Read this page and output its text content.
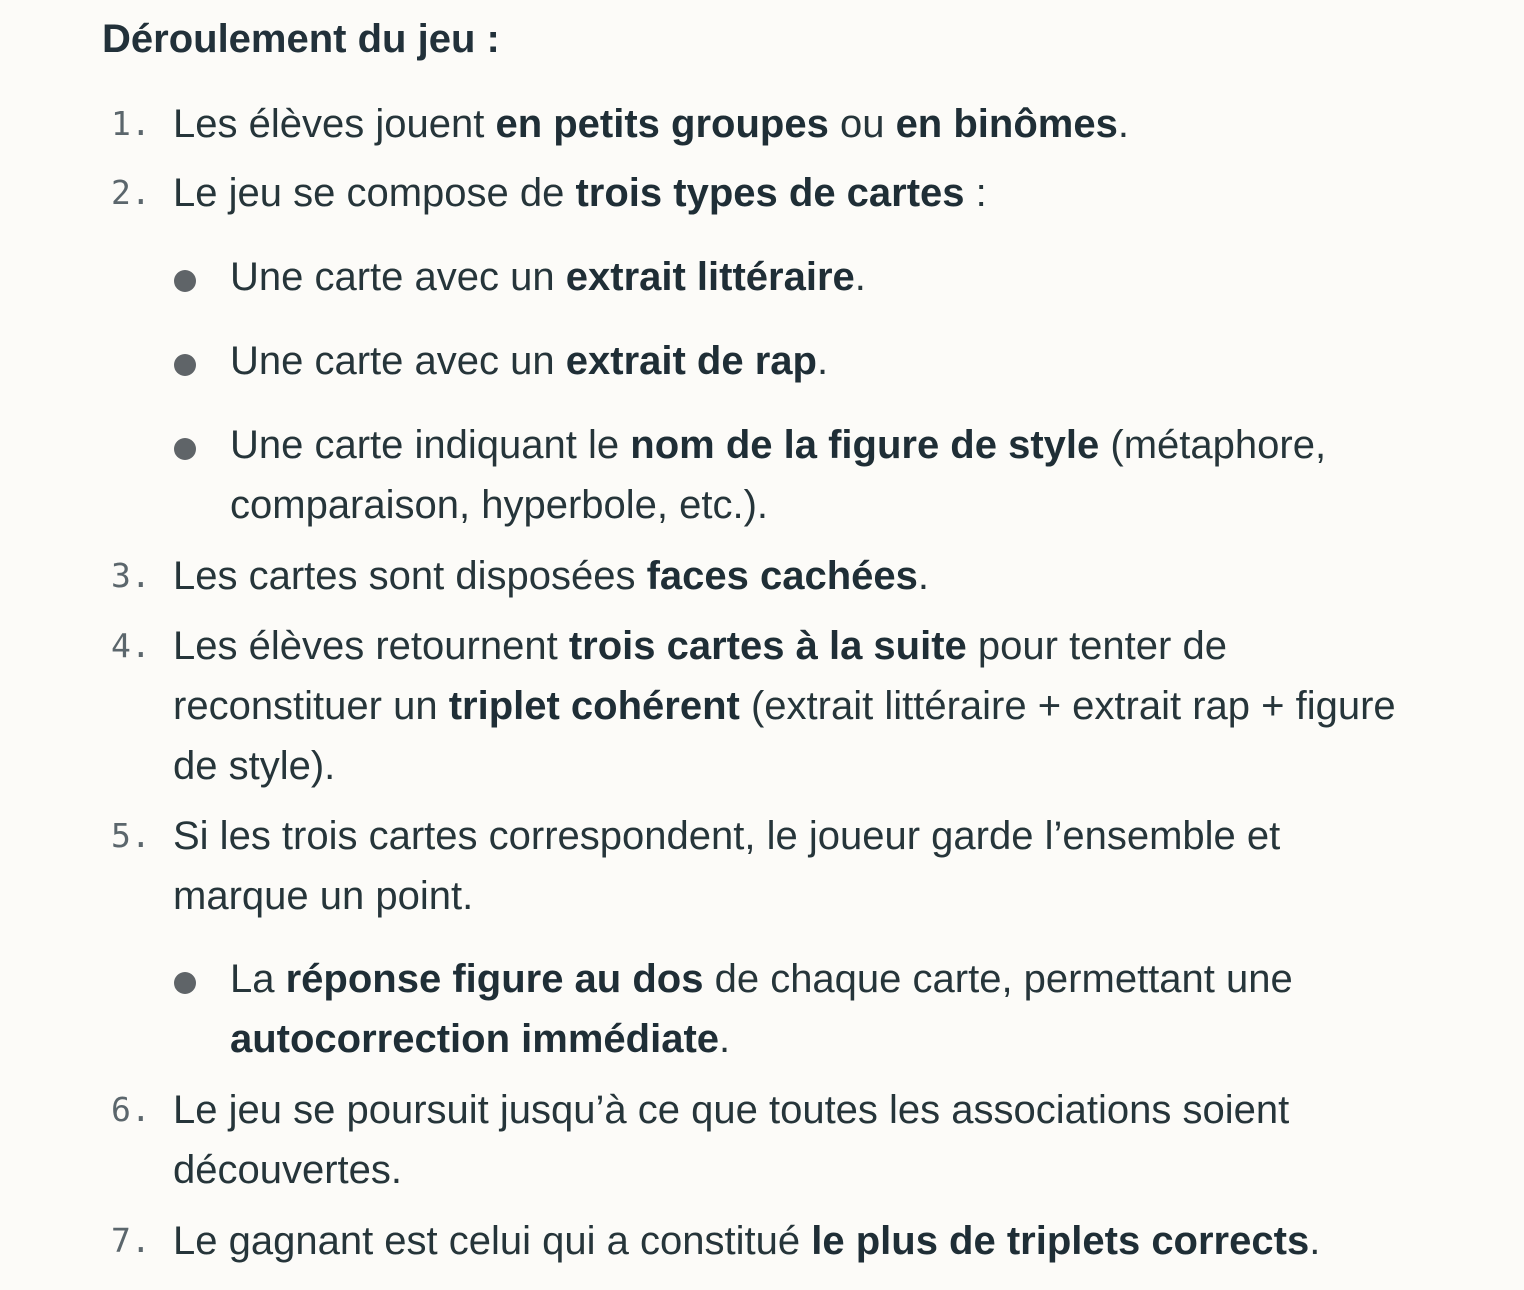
Déroulement du jeu :
1. Les élèves jouent en petits groupes ou en binômes.
2. Le jeu se compose de trois types de cartes :
Une carte avec un extrait littéraire.
Une carte avec un extrait de rap.
Une carte indiquant le nom de la figure de style (métaphore, comparaison, hyperbole, etc.).
3. Les cartes sont disposées faces cachées.
4. Les élèves retournent trois cartes à la suite pour tenter de reconstituer un triplet cohérent (extrait littéraire + extrait rap + figure de style).
5. Si les trois cartes correspondent, le joueur garde l’ensemble et marque un point.
La réponse figure au dos de chaque carte, permettant une autocorrection immédiate.
6. Le jeu se poursuit jusqu’à ce que toutes les associations soient découvertes.
7. Le gagnant est celui qui a constitué le plus de triplets corrects.
